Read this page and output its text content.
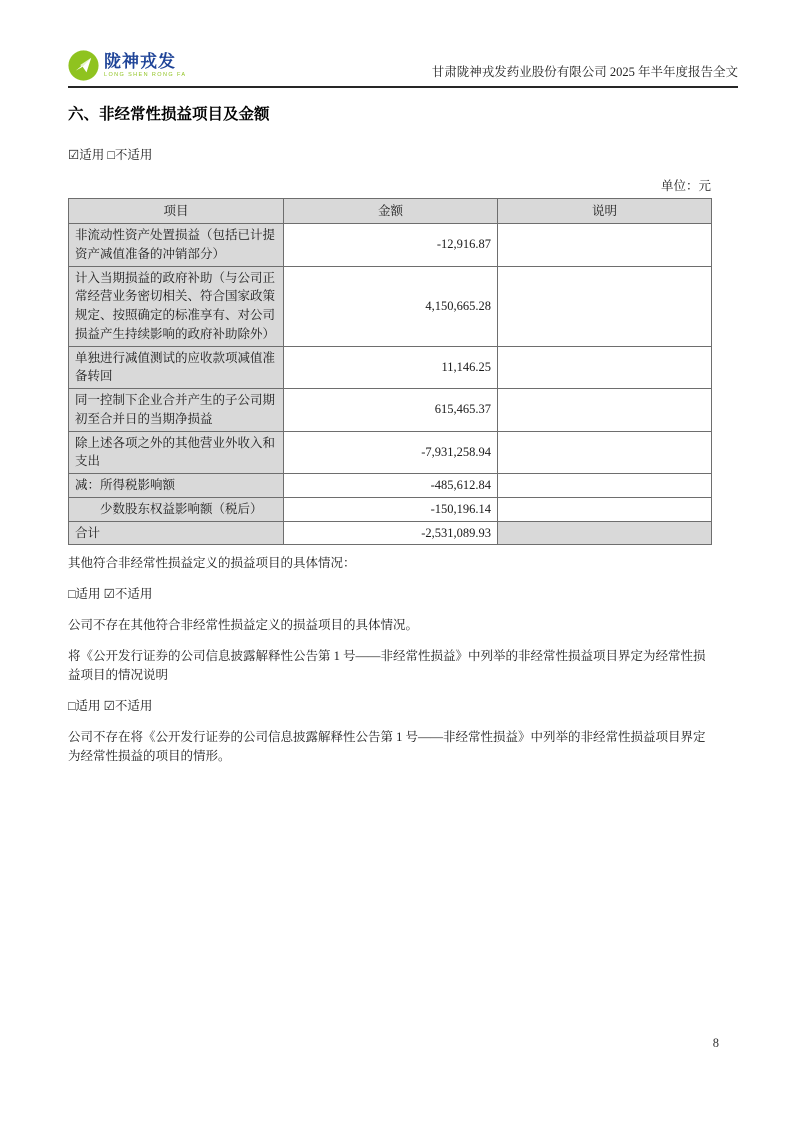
陇神戎发
LONG SHEN RONG FA	甘肃陇神戎发药业股份有限公司 2025 年半年度报告全文
六、非经常性损益项目及金额
☑适用 □不适用
单位：元
项目	金额	说明
非流动性资产处置损益（包括已计提资产减值准备的冲销部分）	-12,916.87	
计入当期损益的政府补助（与公司正常经营业务密切相关、符合国家政策规定、按照确定的标准享有、对公司损益产生持续影响的政府补助除外）	4,150,665.28	
单独进行减值测试的应收款项减值准备转回	11,146.25	
同一控制下企业合并产生的子公司期初至合并日的当期净损益	615,465.37	
除上述各项之外的其他营业外收入和支出	-7,931,258.94	
减：所得税影响额	-485,612.84	
少数股东权益影响额（税后）	-150,196.14	
合计	-2,531,089.93	

其他符合非经常性损益定义的损益项目的具体情况：

□适用 ☑不适用

公司不存在其他符合非经常性损益定义的损益项目的具体情况。

将《公开发行证券的公司信息披露解释性公告第 1 号——非经常性损益》中列举的非经常性损益项目界定为经常性损益项目的情况说明

□适用 ☑不适用

公司不存在将《公开发行证券的公司信息披露解释性公告第 1 号——非经常性损益》中列举的非经常性损益项目界定为经常性损益的项目的情形。

8
